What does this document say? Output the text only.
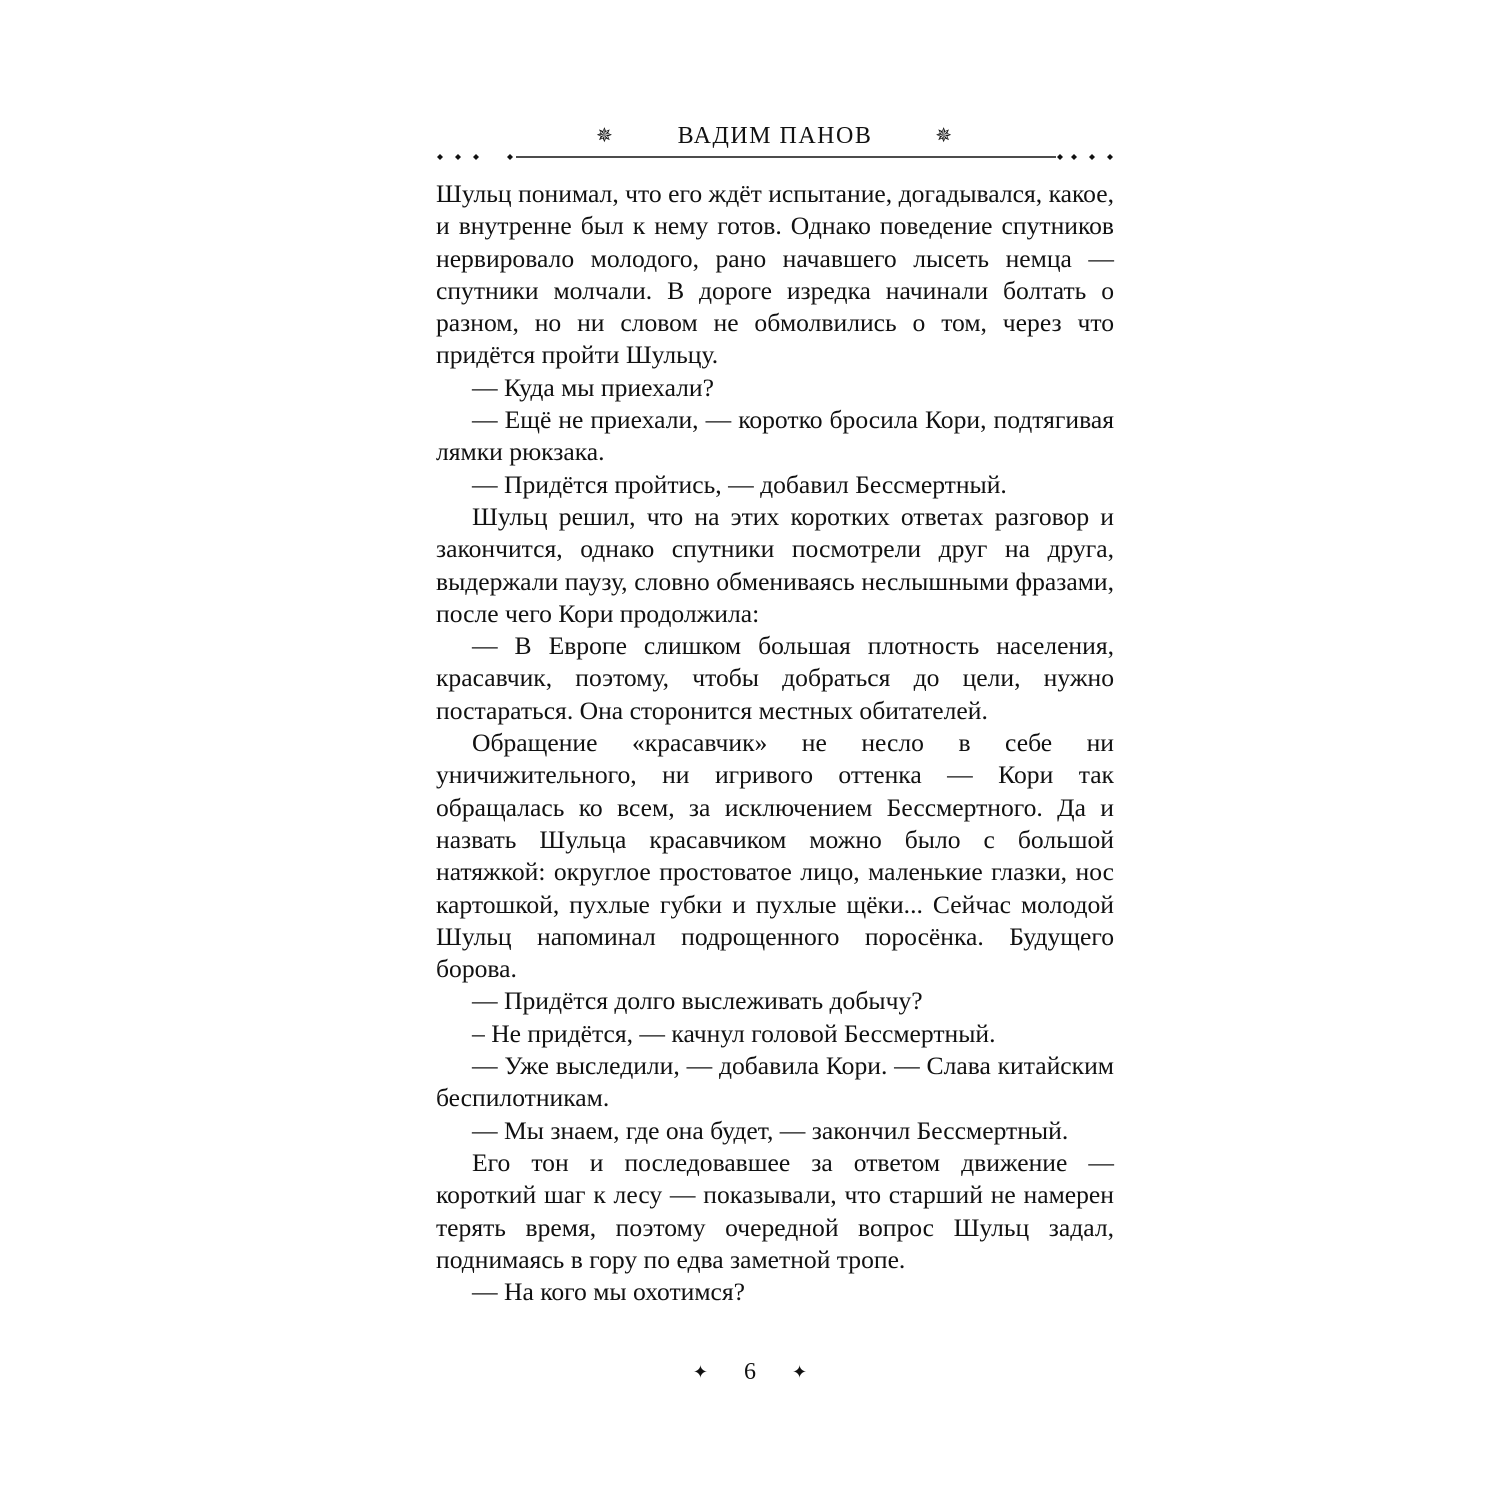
✵	ВАДИМ ПАНОВ	✵

Шульц понимал, что его ждёт испытание, догадывался, какое, и внутренне был к нему готов. Однако поведение спутников нервировало молодого, рано начавшего лысеть немца — спутники молчали. В дороге изредка начинали болтать о разном, но ни словом не обмолвились о том, через что придётся пройти Шульцу.

— Куда мы приехали?

— Ещё не приехали, — коротко бросила Кори, подтягивая лямки рюкзака.

— Придётся пройтись, — добавил Бессмертный.

Шульц решил, что на этих коротких ответах разговор и закончится, однако спутники посмотрели друг на друга, выдержали паузу, словно обмениваясь неслышными фразами, после чего Кори продолжила:

— В Европе слишком большая плотность населения, красавчик, поэтому, чтобы добраться до цели, нужно постараться. Она сторонится местных обитателей.

Обращение «красавчик» не несло в себе ни уничижительного, ни игривого оттенка — Кори так обращалась ко всем, за исключением Бессмертного. Да и назвать Шульца красавчиком можно было с большой натяжкой: округлое простоватое лицо, маленькие глазки, нос картошкой, пухлые губки и пухлые щёки... Сейчас молодой Шульц напоминал подрощенного поросёнка. Будущего борова.

— Придётся долго выслеживать добычу?

– Не придётся, — качнул головой Бессмертный.

— Уже выследили, — добавила Кори. — Слава китайским беспилотникам.

— Мы знаем, где она будет, — закончил Бессмертный.

Его тон и последовавшее за ответом движение — короткий шаг к лесу — показывали, что старший не намерен терять время, поэтому очередной вопрос Шульц задал, поднимаясь в гору по едва заметной тропе.

— На кого мы охотимся?

✦ 6 ✦
